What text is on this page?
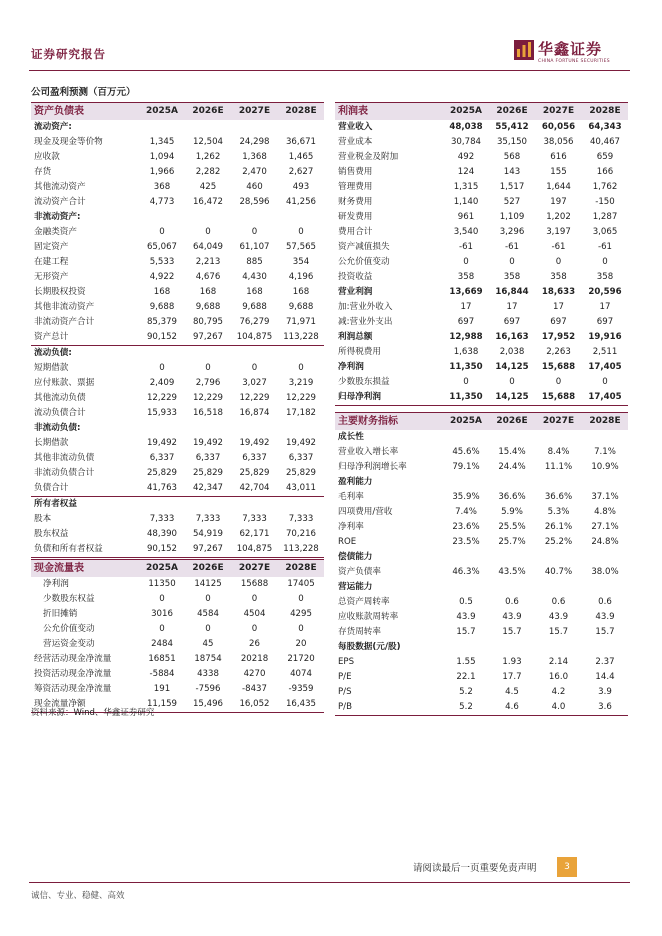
证券研究报告	华鑫证券
CHINA FORTUNE SECURITIES
公司盈利预测（百万元）
资产负债表	2025A	2026E	2027E	2028E
流动资产:				
现金及现金等价物	1,345	12,504	24,298	36,671
应收款	1,094	1,262	1,368	1,465
存货	1,966	2,282	2,470	2,627
其他流动资产	368	425	460	493
流动资产合计	4,773	16,472	28,596	41,256
非流动资产:				
金融类资产	0	0	0	0
固定资产	65,067	64,049	61,107	57,565
在建工程	5,533	2,213	885	354
无形资产	4,922	4,676	4,430	4,196
长期股权投资	168	168	168	168
其他非流动资产	9,688	9,688	9,688	9,688
非流动资产合计	85,379	80,795	76,279	71,971
资产总计	90,152	97,267	104,875	113,228
流动负债:				
短期借款	0	0	0	0
应付账款、票据	2,409	2,796	3,027	3,219
其他流动负债	12,229	12,229	12,229	12,229
流动负债合计	15,933	16,518	16,874	17,182
非流动负债:				
长期借款	19,492	19,492	19,492	19,492
其他非流动负债	6,337	6,337	6,337	6,337
非流动负债合计	25,829	25,829	25,829	25,829
负债合计	41,763	42,347	42,704	43,011
所有者权益				
股本	7,333	7,333	7,333	7,333
股东权益	48,390	54,919	62,171	70,216
负债和所有者权益	90,152	97,267	104,875	113,228
利润表	2025A	2026E	2027E	2028E
营业收入	48,038	55,412	60,056	64,343
营业成本	30,784	35,150	38,056	40,467
营业税金及附加	492	568	616	659
销售费用	124	143	155	166
管理费用	1,315	1,517	1,644	1,762
财务费用	1,140	527	197	-150
研发费用	961	1,109	1,202	1,287
费用合计	3,540	3,296	3,197	3,065
资产减值损失	-61	-61	-61	-61
公允价值变动	0	0	0	0
投资收益	358	358	358	358
营业利润	13,669	16,844	18,633	20,596
加:营业外收入	17	17	17	17
减:营业外支出	697	697	697	697
利润总额	12,988	16,163	17,952	19,916
所得税费用	1,638	2,038	2,263	2,511
净利润	11,350	14,125	15,688	17,405
少数股东损益	0	0	0	0
归母净利润	11,350	14,125	15,688	17,405
主要财务指标	2025A	2026E	2027E	2028E
成长性				
营业收入增长率	45.6%	15.4%	8.4%	7.1%
归母净利润增长率	79.1%	24.4%	11.1%	10.9%
盈利能力				
毛利率	35.9%	36.6%	36.6%	37.1%
四项费用/营收	7.4%	5.9%	5.3%	4.8%
净利率	23.6%	25.5%	26.1%	27.1%
ROE	23.5%	25.7%	25.2%	24.8%
偿债能力				
资产负债率	46.3%	43.5%	40.7%	38.0%
营运能力				
总资产周转率	0.5	0.6	0.6	0.6
应收账款周转率	43.9	43.9	43.9	43.9
存货周转率	15.7	15.7	15.7	15.7
每股数据(元/股)				
EPS	1.55	1.93	2.14	2.37
P/E	22.1	17.7	16.0	14.4
P/S	5.2	4.5	4.2	3.9
P/B	5.2	4.6	4.0	3.6
现金流量表	2025A	2026E	2027E	2028E
净利润	11350	14125	15688	17405
少数股东权益	0	0	0	0
折旧摊销	3016	4584	4504	4295
公允价值变动	0	0	0	0
营运资金变动	2484	45	26	20
经营活动现金净流量	16851	18754	20218	21720
投资活动现金净流量	-5884	4338	4270	4074
筹资活动现金净流量	191	-7596	-8437	-9359
现金流量净额	11,159	15,496	16,052	16,435
资料来源：Wind、华鑫证券研究
请阅读最后一页重要免责声明	3
诚信、专业、稳健、高效
